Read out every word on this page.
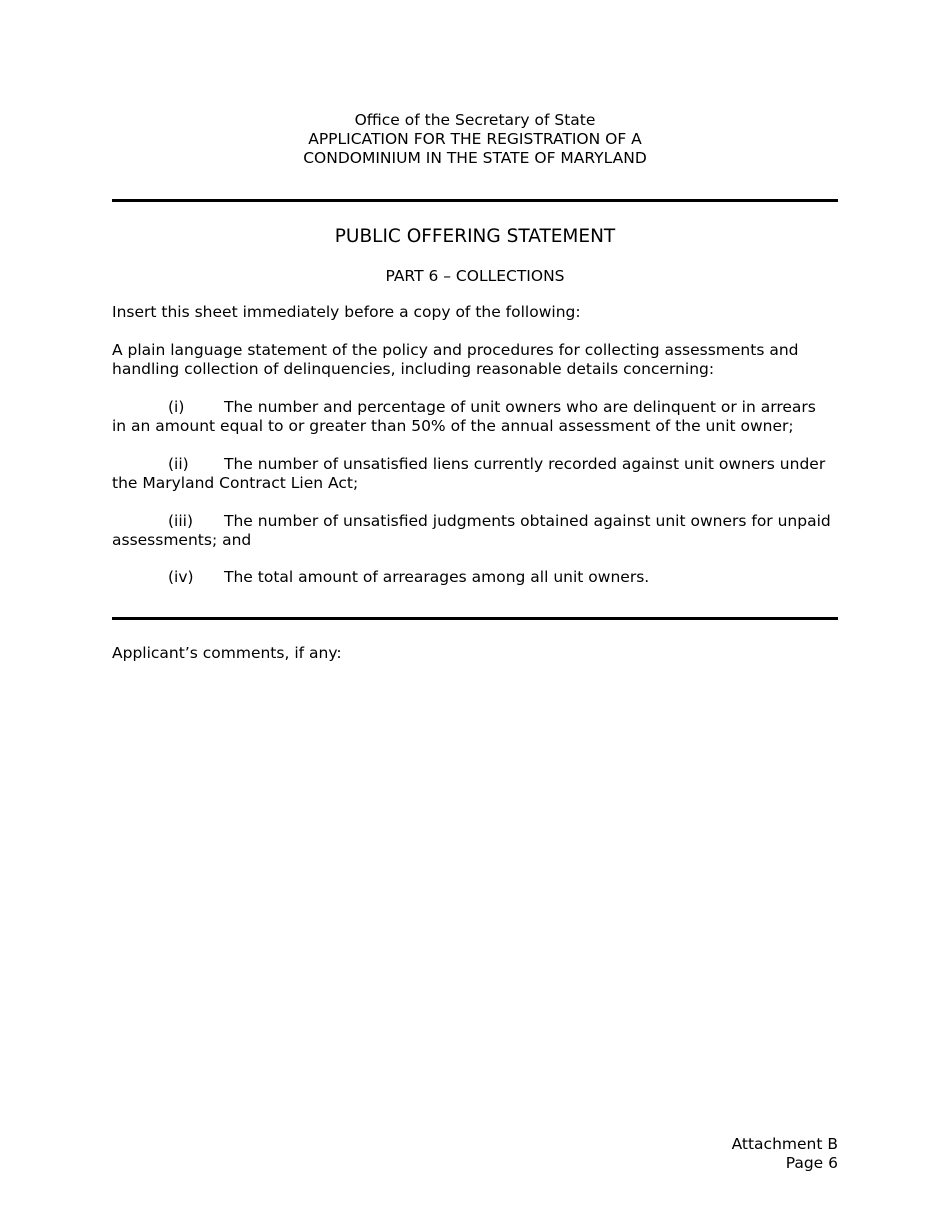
Office of the Secretary of State
APPLICATION FOR THE REGISTRATION OF A
CONDOMINIUM IN THE STATE OF MARYLAND
PUBLIC OFFERING STATEMENT
PART 6 – COLLECTIONS
Insert this sheet immediately before a copy of the following:
A plain language statement of the policy and procedures for collecting assessments and handling collection of delinquencies, including reasonable details concerning:
(i)	The number and percentage of unit owners who are delinquent or in arrears
in an amount equal to or greater than 50% of the annual assessment of the unit owner;
(ii) The number of unsatisfied liens currently recorded against unit owners under
the Maryland Contract Lien Act;
(iii) The number of unsatisfied judgments obtained against unit owners for unpaid
assessments; and
(iv) The total amount of arrearages among all unit owners.
Applicant’s comments, if any:
Attachment B
Page 6
